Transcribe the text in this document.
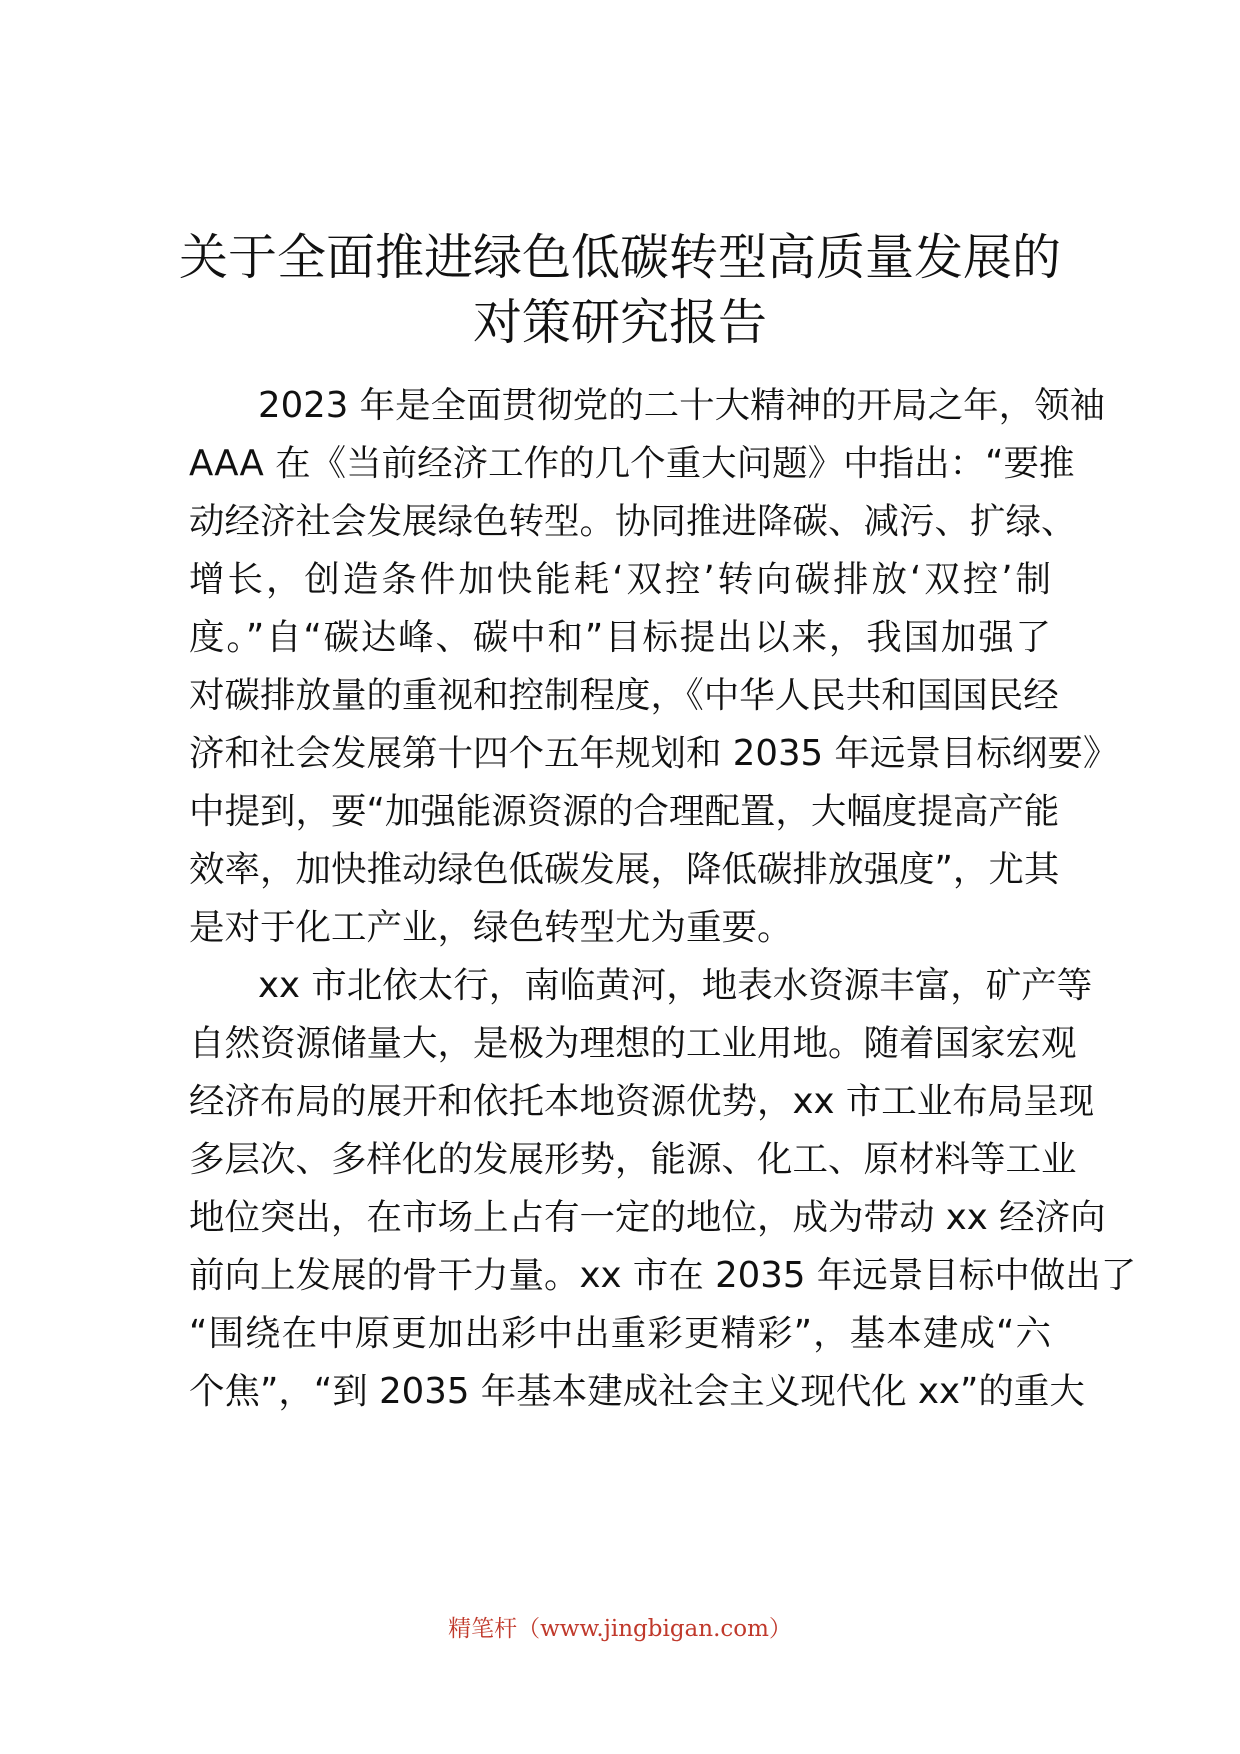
关于全面推进绿色低碳转型高质量发展的
对策研究报告
2023 年是全面贯彻党的二十大精神的开局之年，领袖
AAA 在《当前经济工作的几个重大问题》中指出：“要推
动经济社会发展绿色转型。协同推进降碳、减污、扩绿、
增长，创造条件加快能耗‘双控’转向碳排放‘双控’制
度。”自“碳达峰、碳中和”目标提出以来，我国加强了
对碳排放量的重视和控制程度，《中华人民共和国国民经
济和社会发展第十四个五年规划和 2035 年远景目标纲要》
中提到，要“加强能源资源的合理配置，大幅度提高产能
效率，加快推动绿色低碳发展，降低碳排放强度”，尤其
是对于化工产业，绿色转型尤为重要。
xx 市北依太行，南临黄河，地表水资源丰富，矿产等
自然资源储量大，是极为理想的工业用地。随着国家宏观
经济布局的展开和依托本地资源优势，xx 市工业布局呈现
多层次、多样化的发展形势，能源、化工、原材料等工业
地位突出，在市场上占有一定的地位，成为带动 xx 经济向
前向上发展的骨干力量。xx 市在 2035 年远景目标中做出了
“围绕在中原更加出彩中出重彩更精彩”，基本建成“六
个焦”，“到 2035 年基本建成社会主义现代化 xx”的重大
精笔杆（www.jingbigan.com）
